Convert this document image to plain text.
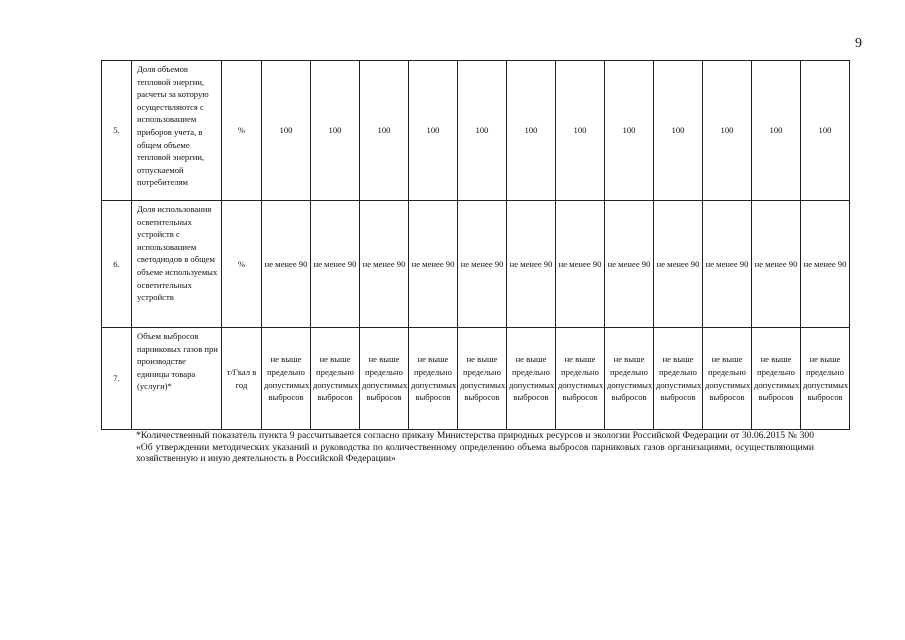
9
5.	Доля объемов тепловой энергии, расчеты за которую осуществляются с использованием приборов учета, в общем объеме тепловой энергии, отпускаемой потребителям	%	100	100	100	100	100	100	100	100	100	100	100	100
6.	Доля использования осветительных устройств с использованием светодиодов в общем объеме используемых осветительных устройств	%	не менее 90	не менее 90	не менее 90	не менее 90	не менее 90	не менее 90	не менее 90	не менее 90	не менее 90	не менее 90	не менее 90	не менее 90
7.	Объем выбросов парниковых газов при производстве единицы товара (услуги)*	т/Гкал в год	не выше предельно допустимых выбросов	не выше предельно допустимых выбросов	не выше предельно допустимых выбросов	не выше предельно допустимых выбросов	не выше предельно допустимых выбросов	не выше предельно допустимых выбросов	не выше предельно допустимых выбросов	не выше предельно допустимых выбросов	не выше предельно допустимых выбросов	не выше предельно допустимых выбросов	не выше предельно допустимых выбросов	не выше предельно допустимых выбросов
*Количественный показатель пункта 9 рассчитывается согласно приказу Министерства природных ресурсов и экологии Российской Федерации от 30.06.2015 № 300 «Об утверждении методических указаний и руководства по количественному определению объема выбросов парниковых газов организациями, осуществляющими хозяйственную и иную деятельность в Российской Федерации»
